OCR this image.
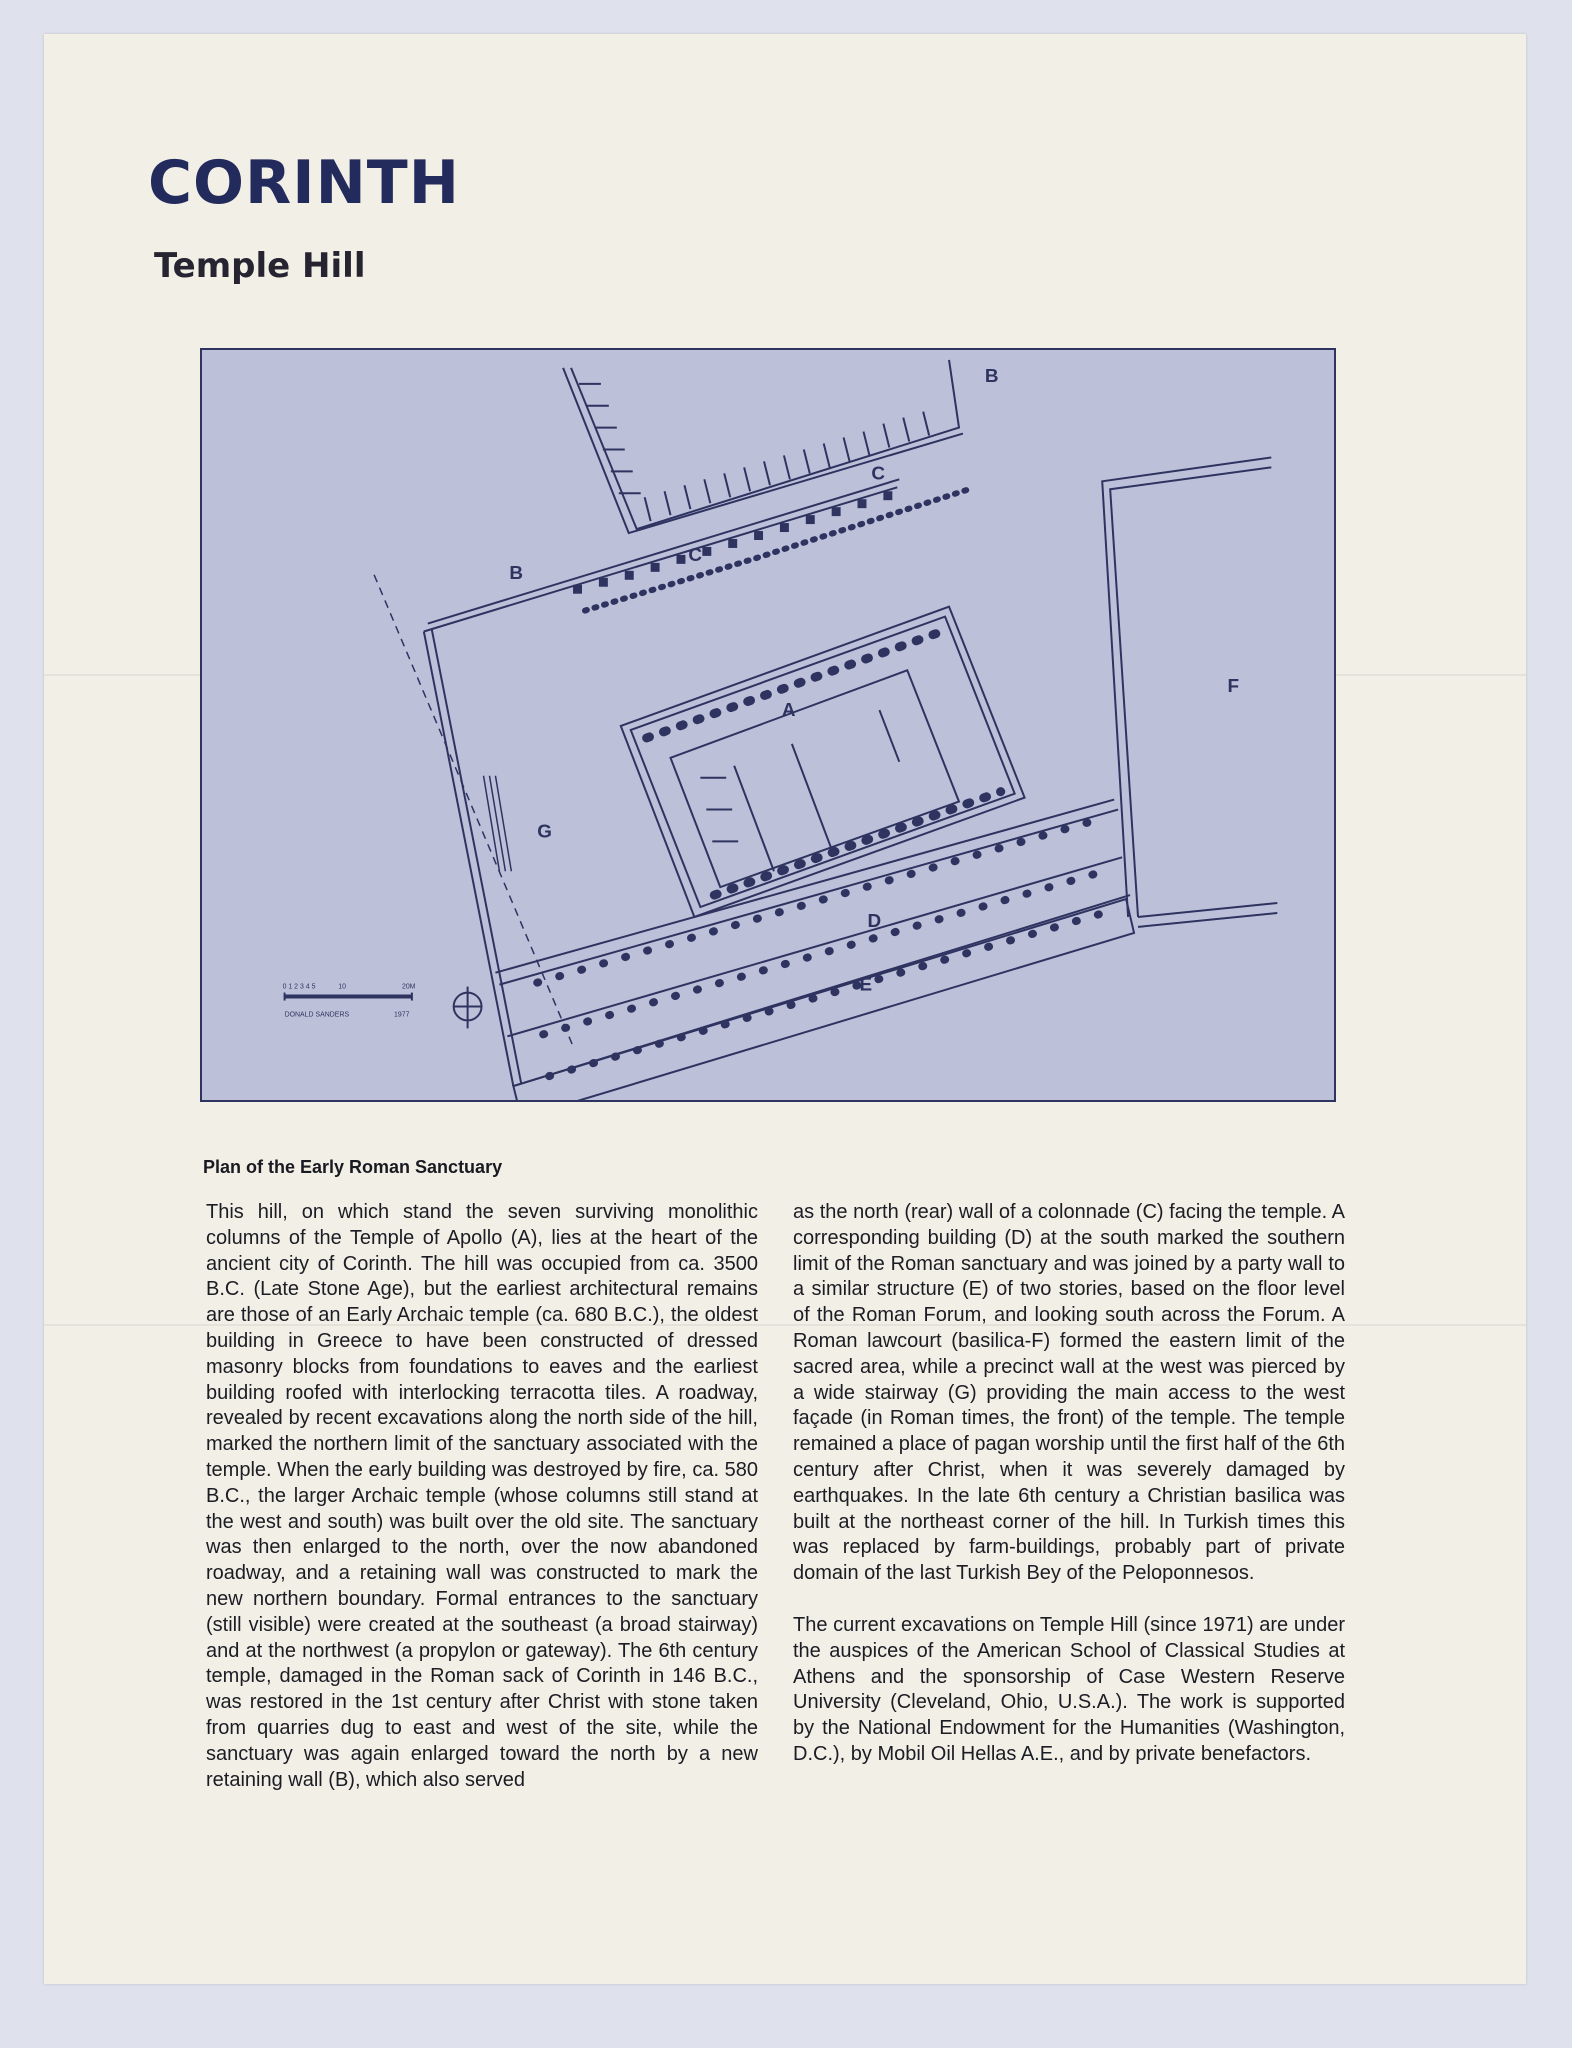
CORINTH
Temple Hill
A
B
B
C
C
D
E
F
G
0 1 2 3 4 5	10	20M
DONALD SANDERS	1977
Plan of the Early Roman Sanctuary

This hill, on which stand the seven surviving monolithic columns of the Temple of Apollo (A), lies at the heart of the ancient city of Corinth. The hill was occupied from ca. 3500 B.C. (Late Stone Age), but the earliest architectural remains are those of an Early Archaic temple (ca. 680 B.C.), the oldest building in Greece to have been constructed of dressed masonry blocks from foundations to eaves and the earliest building roofed with interlocking terracotta tiles. A roadway, revealed by recent excavations along the north side of the hill, marked the northern limit of the sanctuary associated with the temple. When the early building was destroyed by fire, ca. 580 B.C., the larger Archaic temple (whose columns still stand at the west and south) was built over the old site. The sanctuary was then enlarged to the north, over the now abandoned roadway, and a retaining wall was constructed to mark the new northern boundary. Formal entrances to the sanctuary (still visible) were created at the southeast (a broad stairway) and at the northwest (a propylon or gateway). The 6th century temple, damaged in the Roman sack of Corinth in 146 B.C., was restored in the 1st century after Christ with stone taken from quarries dug to east and west of the site, while the sanctuary was again enlarged toward the north by a new retaining wall (B), which also served

as the north (rear) wall of a colonnade (C) facing the temple. A corresponding building (D) at the south marked the southern limit of the Roman sanctuary and was joined by a party wall to a similar structure (E) of two stories, based on the floor level of the Roman Forum, and looking south across the Forum. A Roman lawcourt (basilica-F) formed the eastern limit of the sacred area, while a precinct wall at the west was pierced by a wide stairway (G) providing the main access to the west façade (in Roman times, the front) of the temple. The temple remained a place of pagan worship until the first half of the 6th century after Christ, when it was severely damaged by earthquakes. In the late 6th century a Christian basilica was built at the northeast corner of the hill. In Turkish times this was replaced by farm-buildings, probably part of private domain of the last Turkish Bey of the Peloponnesos.

The current excavations on Temple Hill (since 1971) are under the auspices of the American School of Classical Studies at Athens and the sponsorship of Case Western Reserve University (Cleveland, Ohio, U.S.A.). The work is supported by the National Endowment for the Humanities (Washington, D.C.), by Mobil Oil Hellas A.E., and by private benefactors.
